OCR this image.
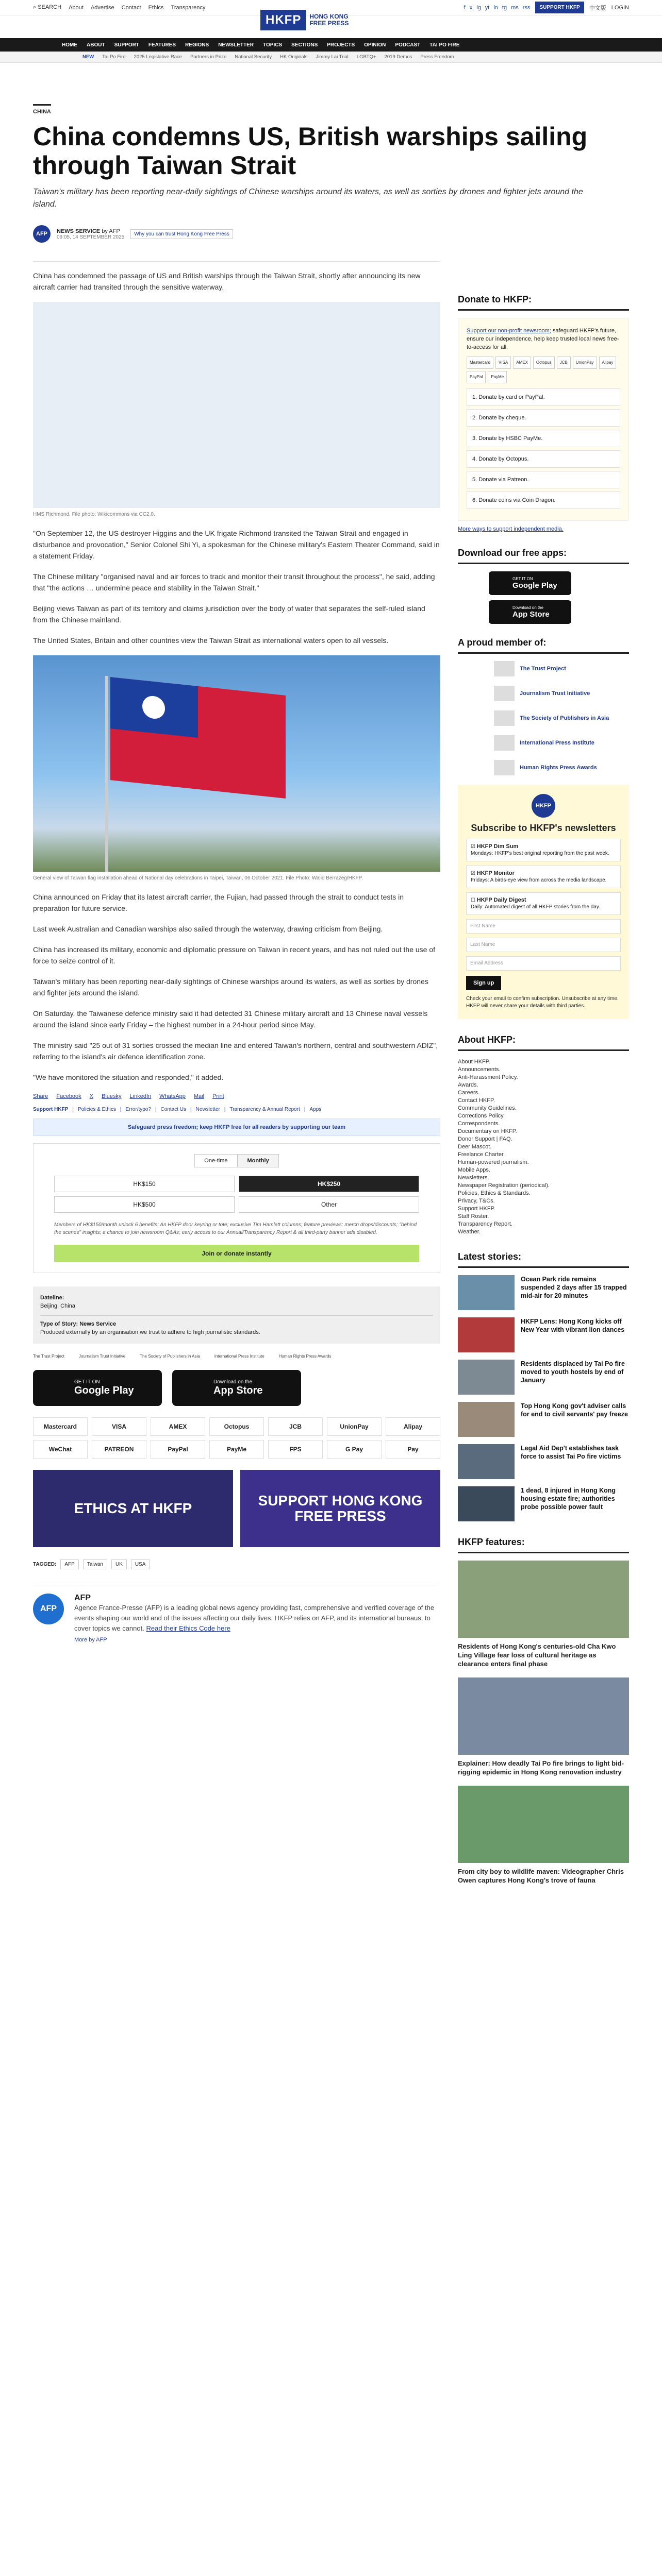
⌕ SEARCH About Advertise Contact Ethics Transparency	f x ig yt in tg ms rss	SUPPORT HKFP	中文版 LOGIN
HKFP	HONG KONG
FREE PRESS
HOME ABOUT SUPPORT FEATURES REGIONS NEWSLETTER TOPICS SECTIONS PROJECTS OPINION PODCAST TAI PO FIRE
NEW Tai Po Fire 2025 Legislative Race Partners in Prize National Security HK Originals Jimmy Lai Trial LGBTQ+ 2019 Demos Press Freedom
CHINA
China condemns US, British warships sailing through Taiwan Strait
Taiwan's military has been reporting near-daily sightings of Chinese warships around its waters, as well as sorties by drones and fighter jets around the island.
AFP	NEWS SERVICE by AFP
09:05, 14 SEPTEMBER 2025
Why you can trust Hong Kong Free Press

China has condemned the passage of US and British warships through the Taiwan Strait, shortly after announcing its new aircraft carrier had transited through the sensitive waterway.

HMS Richmond. File photo: Wikicommons via CC2.0.

"On September 12, the US destroyer Higgins and the UK frigate Richmond transited the Taiwan Strait and engaged in disturbance and provocation," Senior Colonel Shi Yi, a spokesman for the Chinese military's Eastern Theater Command, said in a statement Friday.

The Chinese military "organised naval and air forces to track and monitor their transit throughout the process", he said, adding that "the actions … undermine peace and stability in the Taiwan Strait."

Beijing views Taiwan as part of its territory and claims jurisdiction over the body of water that separates the self-ruled island from the Chinese mainland.

The United States, Britain and other countries view the Taiwan Strait as international waters open to all vessels.

General view of Taiwan flag installation ahead of National day celebrations in Taipei, Taiwan, 06 October 2021. File Photo: Walid Berrazeg/HKFP.

China announced on Friday that its latest aircraft carrier, the Fujian, had passed through the strait to conduct tests in preparation for future service.

Last week Australian and Canadian warships also sailed through the waterway, drawing criticism from Beijing.

China has increased its military, economic and diplomatic pressure on Taiwan in recent years, and has not ruled out the use of force to seize control of it.

Taiwan's military has been reporting near-daily sightings of Chinese warships around its waters, as well as sorties by drones and fighter jets around the island.

On Saturday, the Taiwanese defence ministry said it had detected 31 Chinese military aircraft and 13 Chinese naval vessels around the island since early Friday – the highest number in a 24-hour period since May.

The ministry said "25 out of 31 sorties crossed the median line and entered Taiwan's northern, central and southwestern ADIZ", referring to the island's air defence identification zone.

"We have monitored the situation and responded," it added.

Share Facebook X Bluesky LinkedIn WhatsApp Mail Print
Support HKFP | Policies & Ethics | Error/typo? | Contact Us | Newsletter | Transparency & Annual Report | Apps
Safeguard press freedom; keep HKFP free for all readers by supporting our team
One-time	Monthly
HK$150	HK$250
HK$500	Other
Members of HK$150/month unlock 6 benefits: An HKFP door keyring or tote; exclusive Tim Hamlett columns; feature previews; merch drops/discounts; "behind the scenes" insights; a chance to join newsroom Q&As; early access to our Annual/Transparency Report & all third-party banner ads disabled.
Join or donate instantly
Dateline:
Beijing, China
Type of Story: News Service
Produced externally by an organisation we trust to adhere to high journalistic standards.
The Trust Project	Journalism Trust Initiative	The Society of Publishers in Asia	International Press Institute	Human Rights Press Awards
GET IT ON
Google Play
Download on the
App Store
Mastercard	VISA	AMEX	Octopus	JCB	UnionPay	Alipay
WeChat	PATREON	PayPal	PayMe	FPS	G Pay	Pay
ETHICS AT HKFP	SUPPORT HONG KONG FREE PRESS
TAGGED:	AFP	Taiwan	UK	USA
AFP
AFP

Agence France-Presse (AFP) is a leading global news agency providing fast, comprehensive and verified coverage of the events shaping our world and of the issues affecting our daily lives. HKFP relies on AFP, and its international bureaus, to cover topics we cannot. Read their Ethics Code here

More by AFP
Donate to HKFP:
Support our non-profit newsroom; safeguard HKFP's future, ensure our independence, help keep trusted local news free-to-access for all.
Mastercard	VISA	AMEX	Octopus	JCB	UnionPay	Alipay
PayPal	PayMe
1. Donate by card or PayPal.
2. Donate by cheque.
3. Donate by HSBC PayMe.
4. Donate by Octopus.
5. Donate via Patreon.
6. Donate coins via Coin Dragon.
More ways to support independent media.
Download our free apps:
GET IT ON
Google Play
Download on the
App Store
A proud member of:
The Trust Project
Journalism Trust Initiative
The Society of Publishers in Asia
International Press Institute
Human Rights Press Awards
HKFP
Subscribe to HKFP's newsletters
☑ HKFP Dim Sum
Mondays: HKFP's best original reporting from the past week.
☑ HKFP Monitor
Fridays: A birds-eye view from across the media landscape.
☐ HKFP Daily Digest
Daily: Automated digest of all HKFP stories from the day.
First Name
Last Name
Email Address
Sign up
Check your email to confirm subscription. Unsubscribe at any time. HKFP will never share your details with third parties.
About HKFP:
About HKFP.
Announcements.
Anti-Harassment Policy.
Awards.
Careers.
Contact HKFP.
Community Guidelines.
Corrections Policy.
Correspondents.
Documentary on HKFP.
Donor Support | FAQ.
Deer Mascot.
Freelance Charter.
Human-powered journalism.
Mobile Apps.
Newsletters.
Newspaper Registration (periodical).
Policies, Ethics & Standards.
Privacy, T&Cs.
Support HKFP.
Staff Roster.
Transparency Report.
Weather.
Latest stories:
Ocean Park ride remains suspended 2 days after 15 trapped mid-air for 20 minutes
HKFP Lens: Hong Kong kicks off New Year with vibrant lion dances
Residents displaced by Tai Po fire moved to youth hostels by end of January
Top Hong Kong gov't adviser calls for end to civil servants' pay freeze
Legal Aid Dep't establishes task force to assist Tai Po fire victims
1 dead, 8 injured in Hong Kong housing estate fire; authorities probe possible power fault
HKFP features:
Residents of Hong Kong's centuries-old Cha Kwo Ling Village fear loss of cultural heritage as clearance enters final phase
Explainer: How deadly Tai Po fire brings to light bid-rigging epidemic in Hong Kong renovation industry
From city boy to wildlife maven: Videographer Chris Owen captures Hong Kong's trove of fauna
